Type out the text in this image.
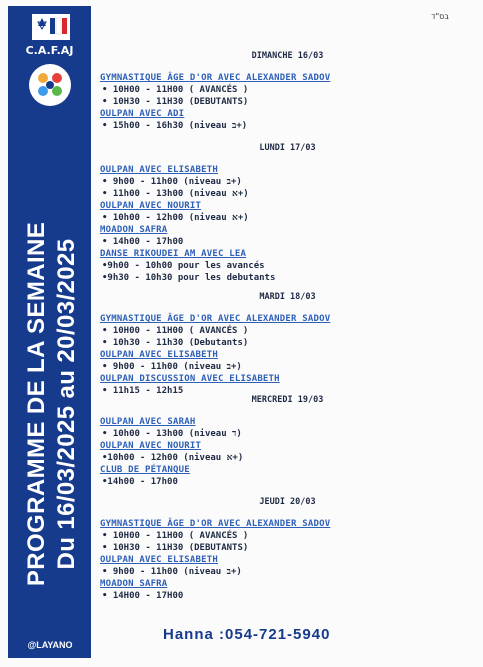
C.A.F.AJ
PROGRAMME DE LA SEMAINE Du 16/03/2025 au 20/03/2025
@LAYANO
בס"ד
DIMANCHE 16/03
GYMNASTIQUE ÂGE D'OR AVEC ALEXANDER SADOV
• 10H00 - 11H00 ( AVANCÉS )
• 10H30 - 11H30 (DEBUTANTS)
OULPAN AVEC ADI
• 15h00 - 16h30 (niveau ב+)
LUNDI 17/03
OULPAN AVEC ELISABETH
• 9h00 - 11h00 (niveau ב+)
• 11h00 - 13h00 (niveau א+)
OULPAN AVEC NOURIT
• 10h00 - 12h00 (niveau א+)
MOADON SAFRA
• 14h00 - 17h00
DANSE RIKOUDEI AM AVEC LEA
•9h00 - 10h00 pour les avancés
•9h30 - 10h30 pour les debutants
MARDI 18/03
GYMNASTIQUE ÂGE D'OR AVEC ALEXANDER SADOV
• 10H00 - 11H00 ( AVANCÉS )
• 10h30 - 11h30 (Debutants)
OULPAN AVEC ELISABETH
• 9h00 - 11h00 (niveau ב+)
OULPAN DISCUSSION AVEC ELISABETH
• 11h15 - 12h15
MERCREDI 19/03
OULPAN AVEC SARAH
• 10h00 - 13h00 (niveau ד)
OULPAN AVEC NOURIT
•10h00 - 12h00 (niveau א+)
CLUB DE PÉTANQUE
•14h00 - 17h00
JEUDI 20/03
GYMNASTIQUE ÂGE D'OR AVEC ALEXANDER SADOV
• 10H00 - 11H00 ( AVANCÉS )
• 10H30 - 11H30 (DEBUTANTS)
OULPAN AVEC ELISABETH
• 9h00 - 11h00 (niveau ב+)
MOADON SAFRA
• 14H00 - 17H00
Hanna :054-721-5940
